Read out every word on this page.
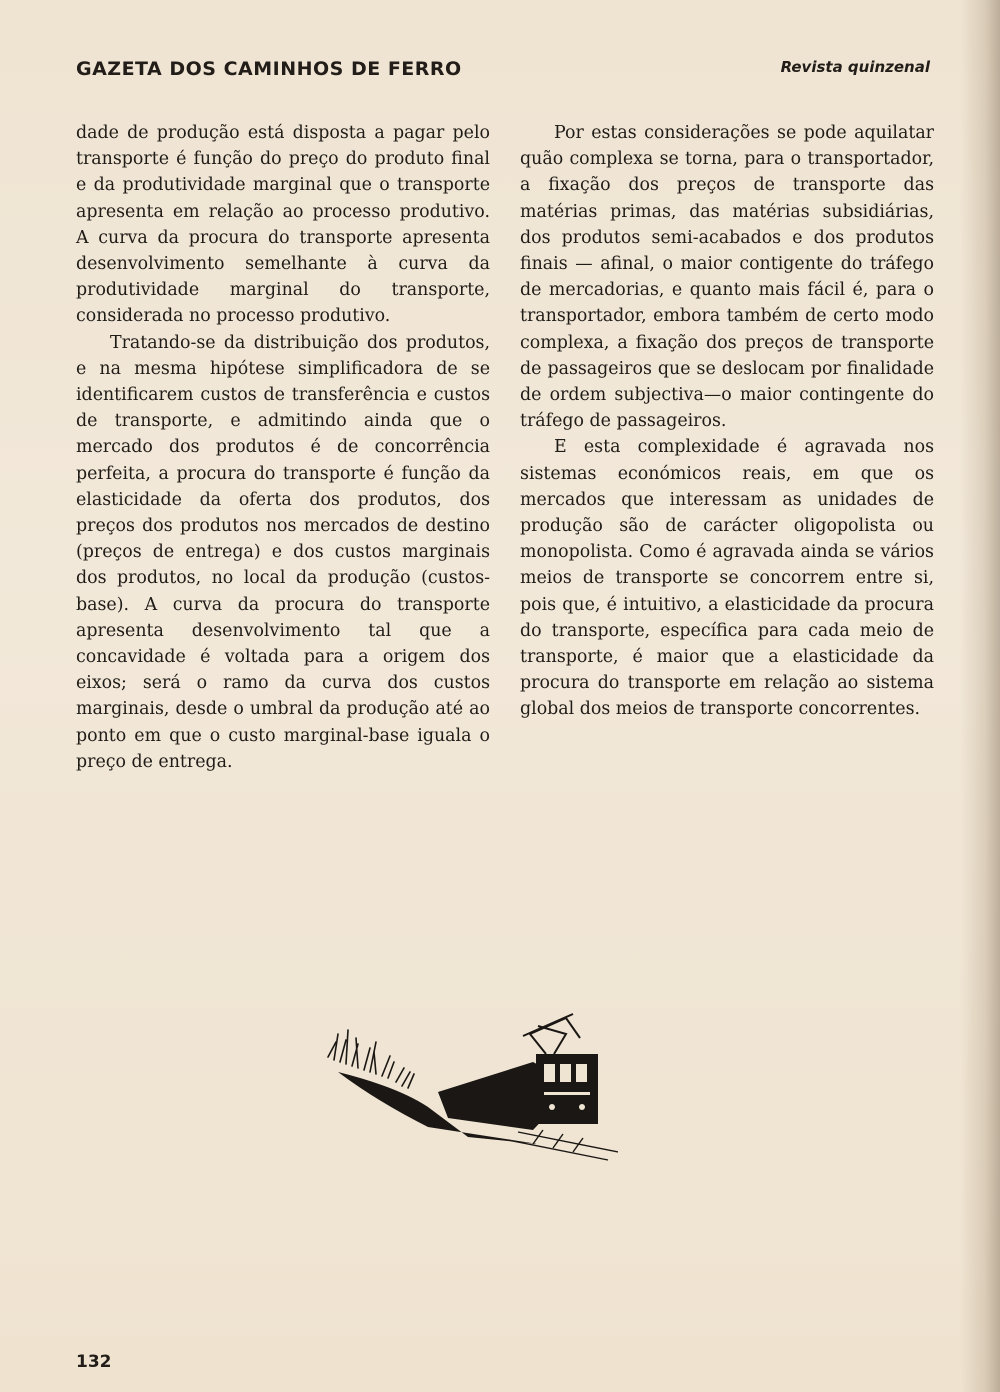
GAZETA DOS CAMINHOS DE FERRO	Revista quinzenal

dade de produção está disposta a pagar pelo transporte é função do preço do produto final e da produtividade marginal que o transporte apresenta em relação ao processo produtivo. A curva da procura do transporte apresenta desenvolvimento semelhante à curva da produtividade marginal do transporte, considerada no processo produtivo.

Tratando-se da distribuição dos produtos, e na mesma hipótese simplificadora de se identificarem custos de transferência e custos de transporte, e admitindo ainda que o mercado dos produtos é de concorrência perfeita, a procura do transporte é função da elasticidade da oferta dos produtos, dos preços dos produtos nos mercados de destino (preços de entrega) e dos custos marginais dos produtos, no local da produção (custos-base). A curva da procura do transporte apresenta desenvolvimento tal que a concavidade é voltada para a origem dos eixos; será o ramo da curva dos custos marginais, desde o umbral da produção até ao ponto em que o custo marginal-base iguala o preço de entrega.

Por estas considerações se pode aquilatar quão complexa se torna, para o transportador, a fixação dos preços de transporte das matérias primas, das matérias subsidiárias, dos produtos semi-acabados e dos produtos finais — afinal, o maior contigente do tráfego de mercadorias, e quanto mais fácil é, para o transportador, embora também de certo modo complexa, a fixação dos preços de transporte de passageiros que se deslocam por finalidade de ordem subjectiva—o maior contingente do tráfego de passageiros.

E esta complexidade é agravada nos sistemas económicos reais, em que os mercados que interessam as unidades de produção são de carácter oligopolista ou monopolista. Como é agravada ainda se vários meios de transporte se concorrem entre si, pois que, é intuitivo, a elasticidade da procura do transporte, específica para cada meio de transporte, é maior que a elasticidade da procura do transporte em relação ao sistema global dos meios de transporte concorrentes.

132
